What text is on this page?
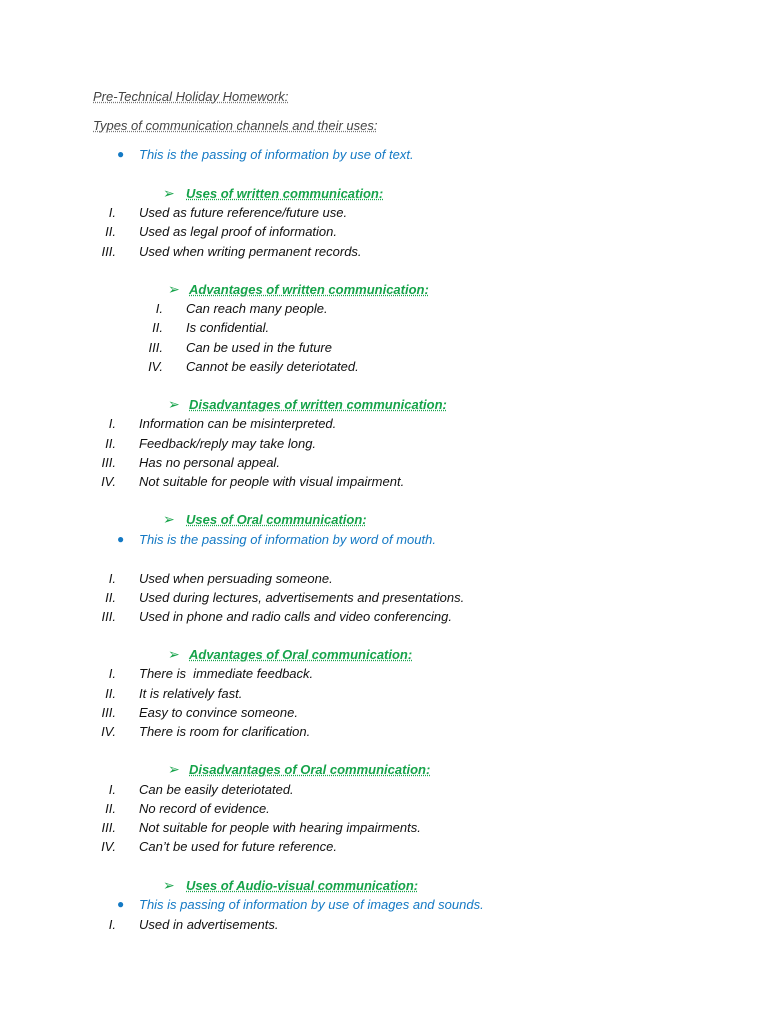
Pre-Technical Holiday Homework:
Types of communication channels and their uses:
● This is the passing of information by use of text.
➢ Uses of written communication:
I. Used as future reference/future use.
II. Used as legal proof of information.
III. Used when writing permanent records.
➢ Advantages of written communication:
I. Can reach many people.
II. Is confidential.
III. Can be used in the future
IV. Cannot be easily deteriotated.
➢ Disadvantages of written communication:
I. Information can be misinterpreted.
II. Feedback/reply may take long.
III. Has no personal appeal.
IV. Not suitable for people with visual impairment.
➢ Uses of Oral communication:
● This is the passing of information by word of mouth.
I. Used when persuading someone.
II. Used during lectures, advertisements and presentations.
III. Used in phone and radio calls and video conferencing.
➢ Advantages of Oral communication:
I. There is  immediate feedback.
II. It is relatively fast.
III. Easy to convince someone.
IV. There is room for clarification.
➢ Disadvantages of Oral communication:
I. Can be easily deteriotated.
II. No record of evidence.
III. Not suitable for people with hearing impairments.
IV. Can’t be used for future reference.
➢ Uses of Audio-visual communication:
● This is passing of information by use of images and sounds.
I. Used in advertisements.
